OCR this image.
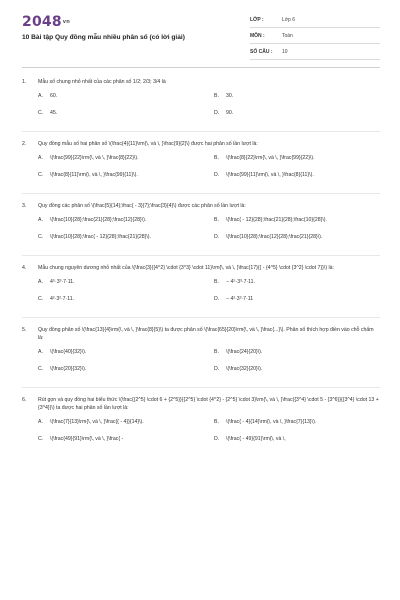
2048vn
10 Bài tập Quy đồng mẫu nhiều phân số (có lời giải)
LỚP :	Lớp 6
MÔN :	Toán
SỐ CÂU :	10
1.	Mẫu số chung nhỏ nhất của các phân số 1/2; 2/3; 3/4 là
A.	60.	B.	30.
C.	45.	D.	90.
2.	Quy đồng mẫu số hai phân số \(\frac{4}{11}\rm{\, và \, }\frac{9}{2}\) được hai phân số lần lượt là:
A.	\(\frac{99}{22}\rm{\, và \, }\frac{8}{22}\).	B.	\(\frac{8}{22}\rm{\, và \, }\frac{99}{22}\).
C.	\(\frac{8}{11}\rm{\, và \, }\frac{99}{11}\).	D.	\(\frac{99}{11}\rm{\, và \, }\frac{8}{11}\).
3.	Quy đồng các phân số \(\frac{5}{14};\frac{ - 3}{7};\frac{3}{4}\) được các phân số lần lượt là:
A.	\(\frac{10}{28};\frac{21}{28};\frac{12}{28}\).	B.	\(\frac{ - 12}{28};\frac{21}{28};\frac{10}{28}\).
C.	\(\frac{10}{28};\frac{ - 12}{28};\frac{21}{28}\).	D.	\(\frac{10}{28};\frac{12}{28};\frac{21}{28}\).
4.	Mẫu chung nguyên dương nhỏ nhất của \(\frac{3}{{4^2} \cdot {3^3} \cdot 11}\rm{\, và \, }\frac{17}{{ - {4^5} \cdot {3^2} \cdot 7}}\) là:
A.	4⁵·3³·7·11.	B.	− 4⁵·3³·7·11.
C.	4²·3²·7·11.	D.	− 4²·3³·7·11
5.	Quy đồng phân số \(\frac{13}{4}\rm{\, và \, }\frac{8}{5}\) ta được phân số \(\frac{65}{20}\rm{\, và \, }\frac{...}\). Phân số thích hợp điền vào chỗ chấm là:
A.	\(\frac{40}{32}\).	B.	\(\frac{24}{20}\).
C.	\(\frac{20}{32}\).	D.	\(\frac{32}{20}\).
6.	Rút gọn và quy đồng hai biểu thức \(\frac{{2^5} \cdot 6 + {2^5}}{{2^5} \cdot {4^2} - {2^5} \cdot 3}\rm{\, và \, }\frac{{3^4} \cdot 5 - {3^6}}{{3^4} \cdot 13 + {3^4}}\) ta được hai phân số lần lượt là:
A.	\(\frac{7}{13}\rm{\, và \, }\frac{{ - 4}}{14}\).	B.	\(\frac{ - 4}{14}\rm{\, và \, }\frac{7}{13}\).
C.	\(\frac{49}{91}\rm{\, và \, }\frac{ -	D.	\(\frac{ - 49}{91}\rm{\, và \,
